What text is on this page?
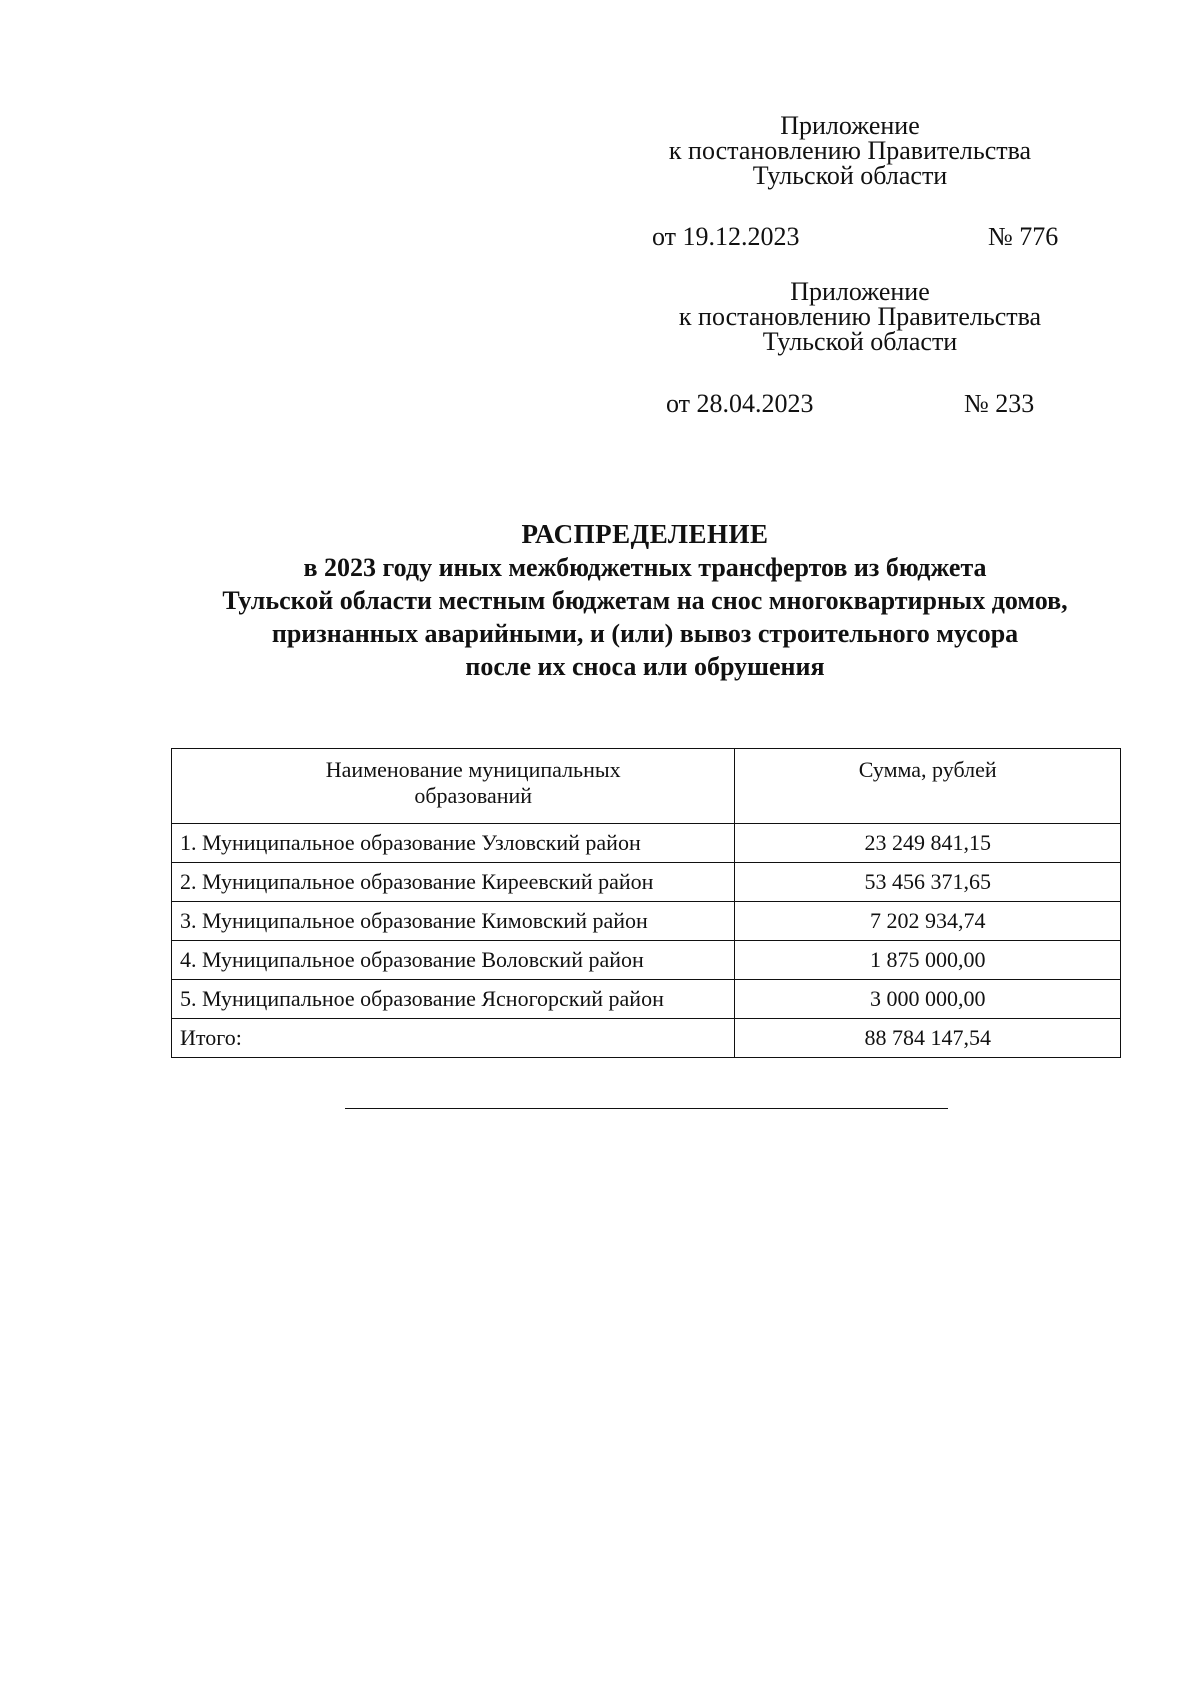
Приложение
к постановлению Правительства
Тульской области
от 19.12.2023	№ 776
Приложение
к постановлению Правительства
Тульской области
от 28.04.2023	№ 233
РАСПРЕДЕЛЕНИЕ
в 2023 году иных межбюджетных трансфертов из бюджета
Тульской области местным бюджетам на снос многоквартирных домов,
признанных аварийными, и (или) вывоз строительного мусора
после их сноса или обрушения
Наименование муниципальных образований	Сумма, рублей
1. Муниципальное образование Узловский район	23 249 841,15
2. Муниципальное образование Киреевский район	53 456 371,65
3. Муниципальное образование Кимовский район	7 202 934,74
4. Муниципальное образование Воловский район	1 875 000,00
5. Муниципальное образование Ясногорский район	3 000 000,00
Итого:	88 784 147,54
